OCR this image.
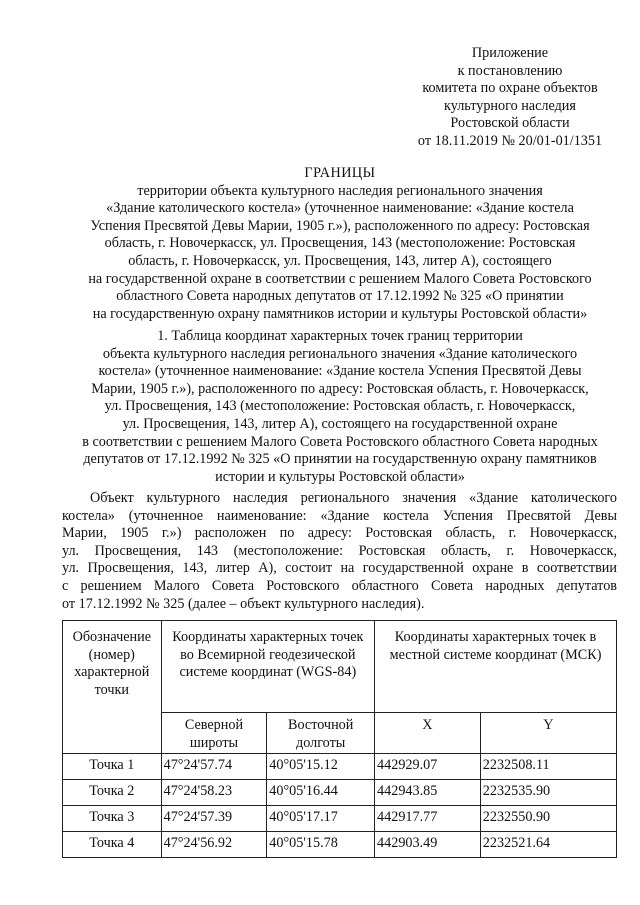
Приложение
к постановлению
комитета по охране объектов
культурного наследия
Ростовской области
от 18.11.2019 № 20/01-01/1351
ГРАНИЦЫ
территории объекта культурного наследия регионального значения
«Здание католического костела» (уточненное наименование: «Здание костела
Успения Пресвятой Девы Марии, 1905 г.»), расположенного по адресу: Ростовская
область, г. Новочеркасск, ул. Просвещения, 143 (местоположение: Ростовская
область, г. Новочеркасск, ул. Просвещения, 143, литер А), состоящего
на государственной охране в соответствии с решением Малого Совета Ростовского
областного Совета народных депутатов от 17.12.1992 № 325 «О принятии
на государственную охрану памятников истории и культуры Ростовской области»
1. Таблица координат характерных точек границ территории
объекта культурного наследия регионального значения «Здание католического
костела» (уточненное наименование: «Здание костела Успения Пресвятой Девы
Марии, 1905 г.»), расположенного по адресу: Ростовская область, г. Новочеркасск,
ул. Просвещения, 143 (местоположение: Ростовская область, г. Новочеркасск,
ул. Просвещения, 143, литер А), состоящего на государственной охране
в соответствии с решением Малого Совета Ростовского областного Совета народных
депутатов от 17.12.1992 № 325 «О принятии на государственную охрану памятников
истории и культуры Ростовской области»
Объект культурного наследия регионального значения «Здание католического
костела» (уточненное наименование: «Здание костела Успения Пресвятой Девы
Марии, 1905 г.») расположен по адресу: Ростовская область, г. Новочеркасск,
ул. Просвещения, 143 (местоположение: Ростовская область, г. Новочеркасск,
ул. Просвещения, 143, литер А), состоит на государственной охране в соответствии
с решением Малого Совета Ростовского областного Совета народных депутатов
от 17.12.1992 № 325 (далее – объект культурного наследия).
Обозначение (номер) характерной точки	Координаты характерных точек во Всемирной геодезической системе координат (WGS-84)		Координаты характерных точек в местной системе координат (МСК)	
	Северной широты	Восточной долготы	X	Y
Точка 1	47°24'57.74	40°05'15.12	442929.07	2232508.11
Точка 2	47°24'58.23	40°05'16.44	442943.85	2232535.90
Точка 3	47°24'57.39	40°05'17.17	442917.77	2232550.90
Точка 4	47°24'56.92	40°05'15.78	442903.49	2232521.64
